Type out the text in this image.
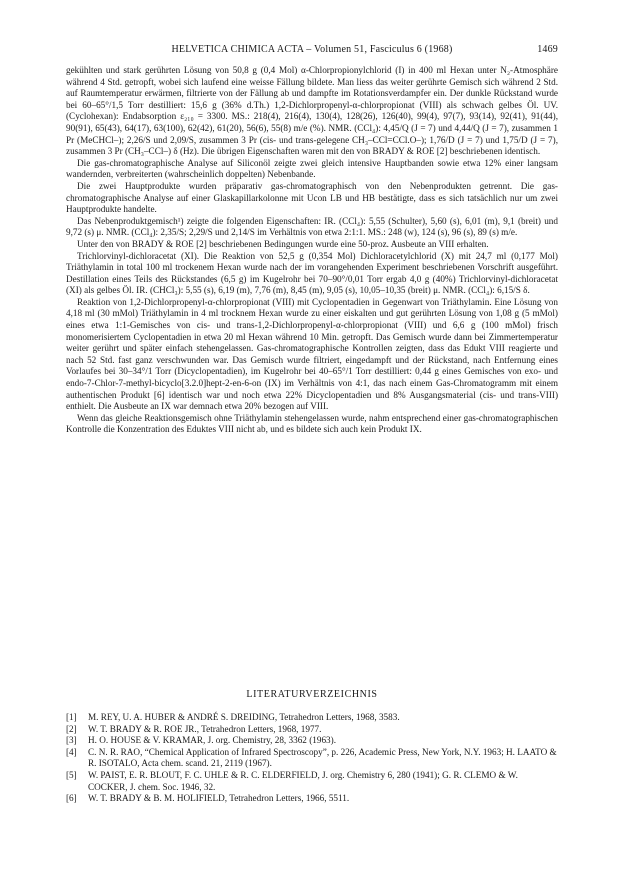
HELVETICA CHIMICA ACTA – Volumen 51, Fasciculus 6 (1968)	1469

gekühlten und stark gerührten Lösung von 50,8 g (0,4 Mol) α-Chlorpropionylchlorid (I) in 400 ml Hexan unter N₂-Atmosphäre während 4 Std. getropft, wobei sich laufend eine weisse Fällung bildete. Man liess das weiter gerührte Gemisch sich während 2 Std. auf Raumtemperatur erwärmen, filtrierte von der Fällung ab und dampfte im Rotationsverdampfer ein. Der dunkle Rückstand wurde bei 60–65°/1,5 Torr destilliert: 15,6 g (36% d.Th.) 1,2-Dichlorpropenyl-α-chlorpropionat (VIII) als schwach gelbes Öl. UV. (Cyclohexan): Endabsorption ε₂₁₀ = 3300. MS.: 218(4), 216(4), 130(4), 128(26), 126(40), 99(4), 97(7), 93(14), 92(41), 91(44), 90(91), 65(43), 64(17), 63(100), 62(42), 61(20), 56(6), 55(8) m/e (%). NMR. (CCl₄): 4,45/Q (J = 7) und 4,44/Q (J = 7), zusammen 1 Pr (MeCHCl–); 2,26/S und 2,09/S, zusammen 3 Pr (cis- und trans-gelegene CH₃–CCl=CCl.O–); 1,76/D (J = 7) und 1,75/D (J = 7), zusammen 3 Pr (CH₃–CCl–) δ (Hz). Die übrigen Eigenschaften waren mit den von BRADY & ROE [2] beschriebenen identisch.

Die gas-chromatographische Analyse auf Siliconöl zeigte zwei gleich intensive Hauptbanden sowie etwa 12% einer langsam wandernden, verbreiterten (wahrscheinlich doppelten) Nebenbande.

Die zwei Hauptprodukte wurden präparativ gas-chromatographisch von den Nebenprodukten getrennt. Die gas-chromatographische Analyse auf einer Glaskapillarkolonne mit Ucon LB und HB bestätigte, dass es sich tatsächlich nur um zwei Hauptprodukte handelte.

Das Nebenproduktgemisch¹) zeigte die folgenden Eigenschaften: IR. (CCl₄): 5,55 (Schulter), 5,60 (s), 6,01 (m), 9,1 (breit) und 9,72 (s) μ. NMR. (CCl₄): 2,35/S; 2,29/S und 2,14/S im Verhältnis von etwa 2:1:1. MS.: 248 (w), 124 (s), 96 (s), 89 (s) m/e.

Unter den von BRADY & ROE [2] beschriebenen Bedingungen wurde eine 50-proz. Ausbeute an VIII erhalten.

Trichlorvinyl-dichloracetat (XI). Die Reaktion von 52,5 g (0,354 Mol) Dichloracetylchlorid (X) mit 24,7 ml (0,177 Mol) Triäthylamin in total 100 ml trockenem Hexan wurde nach der im vorangehenden Experiment beschriebenen Vorschrift ausgeführt. Destillation eines Teils des Rückstandes (6,5 g) im Kugelrohr bei 70–90°/0,01 Torr ergab 4,0 g (40%) Trichlorvinyl-dichloracetat (XI) als gelbes Öl. IR. (CHCl₃): 5,55 (s), 6,19 (m), 7,76 (m), 8,45 (m), 9,05 (s), 10,05–10,35 (breit) μ. NMR. (CCl₄): 6,15/S δ.

Reaktion von 1,2-Dichlorpropenyl-α-chlorpropionat (VIII) mit Cyclopentadien in Gegenwart von Triäthylamin. Eine Lösung von 4,18 ml (30 mMol) Triäthylamin in 4 ml trocknem Hexan wurde zu einer eiskalten und gut gerührten Lösung von 1,08 g (5 mMol) eines etwa 1:1-Gemisches von cis- und trans-1,2-Dichlorpropenyl-α-chlorpropionat (VIII) und 6,6 g (100 mMol) frisch monomerisiertem Cyclopentadien in etwa 20 ml Hexan während 10 Min. getropft. Das Gemisch wurde dann bei Zimmertemperatur weiter gerührt und später einfach stehengelassen. Gas-chromatographische Kontrollen zeigten, dass das Edukt VIII reagierte und nach 52 Std. fast ganz verschwunden war. Das Gemisch wurde filtriert, eingedampft und der Rückstand, nach Entfernung eines Vorlaufes bei 30–34°/1 Torr (Dicyclopentadien), im Kugelrohr bei 40–65°/1 Torr destilliert: 0,44 g eines Gemisches von exo- und endo-7-Chlor-7-methyl-bicyclo[3.2.0]hept-2-en-6-on (IX) im Verhältnis von 4:1, das nach einem Gas-Chromatogramm mit einem authentischen Produkt [6] identisch war und noch etwa 22% Dicyclopentadien und 8% Ausgangsmaterial (cis- und trans-VIII) enthielt. Die Ausbeute an IX war demnach etwa 20% bezogen auf VIII.

Wenn das gleiche Reaktionsgemisch ohne Triäthylamin stehengelassen wurde, nahm entsprechend einer gas-chromatographischen Kontrolle die Konzentration des Eduktes VIII nicht ab, und es bildete sich auch kein Produkt IX.

LITERATURVERZEICHNIS
[1] M. REY, U. A. HUBER & ANDRÉ S. DREIDING, Tetrahedron Letters, 1968, 3583.
[2] W. T. BRADY & R. ROE JR., Tetrahedron Letters, 1968, 1977.
[3] H. O. HOUSE & V. KRAMAR, J. org. Chemistry, 28, 3362 (1963).
[4] C. N. R. RAO, “Chemical Application of Infrared Spectroscopy”, p. 226, Academic Press, New York, N.Y. 1963; H. LAATO & R. ISOTALO, Acta chem. scand. 21, 2119 (1967).
[5] W. PAIST, E. R. BLOUT, F. C. UHLE & R. C. ELDERFIELD, J. org. Chemistry 6, 280 (1941); G. R. CLEMO & W. COCKER, J. chem. Soc. 1946, 32.
[6] W. T. BRADY & B. M. HOLIFIELD, Tetrahedron Letters, 1966, 5511.
